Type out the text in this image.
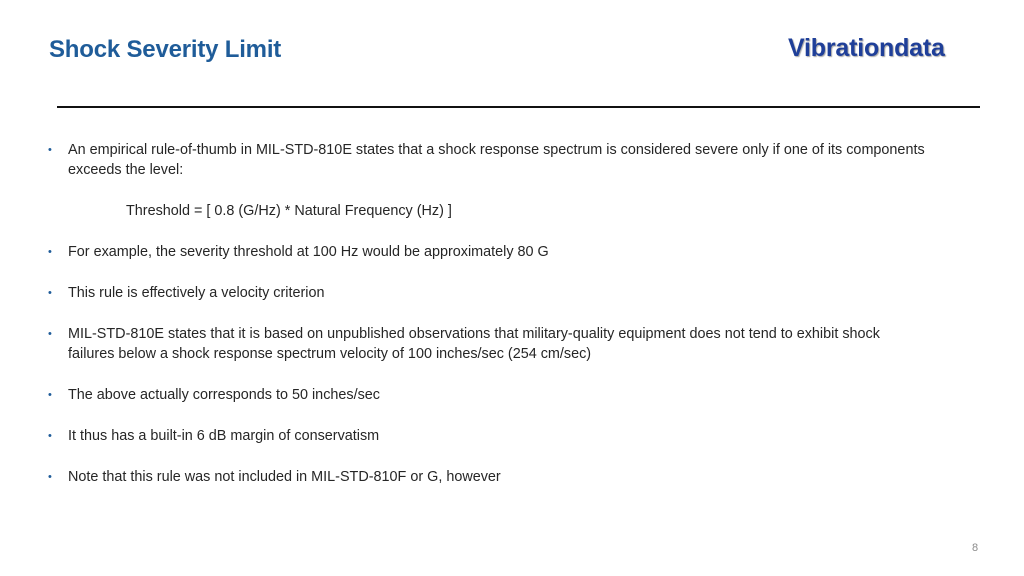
Shock Severity Limit	Vibrationdata
• An empirical rule-of-thumb in MIL-STD-810E states that a shock response spectrum is considered severe only if one of its components exceeds the level:
Threshold = [ 0.8 (G/Hz) * Natural Frequency (Hz) ]
• For example, the severity threshold at 100 Hz would be approximately 80 G
• This rule is effectively a velocity criterion
• MIL-STD-810E states that it is based on unpublished observations that military-quality equipment does not tend to exhibit shock failures below a shock response spectrum velocity of 100 inches/sec (254 cm/sec)
• The above actually corresponds to 50 inches/sec
• It thus has a built-in 6 dB margin of conservatism
• Note that this rule was not included in MIL-STD-810F or G, however
8
